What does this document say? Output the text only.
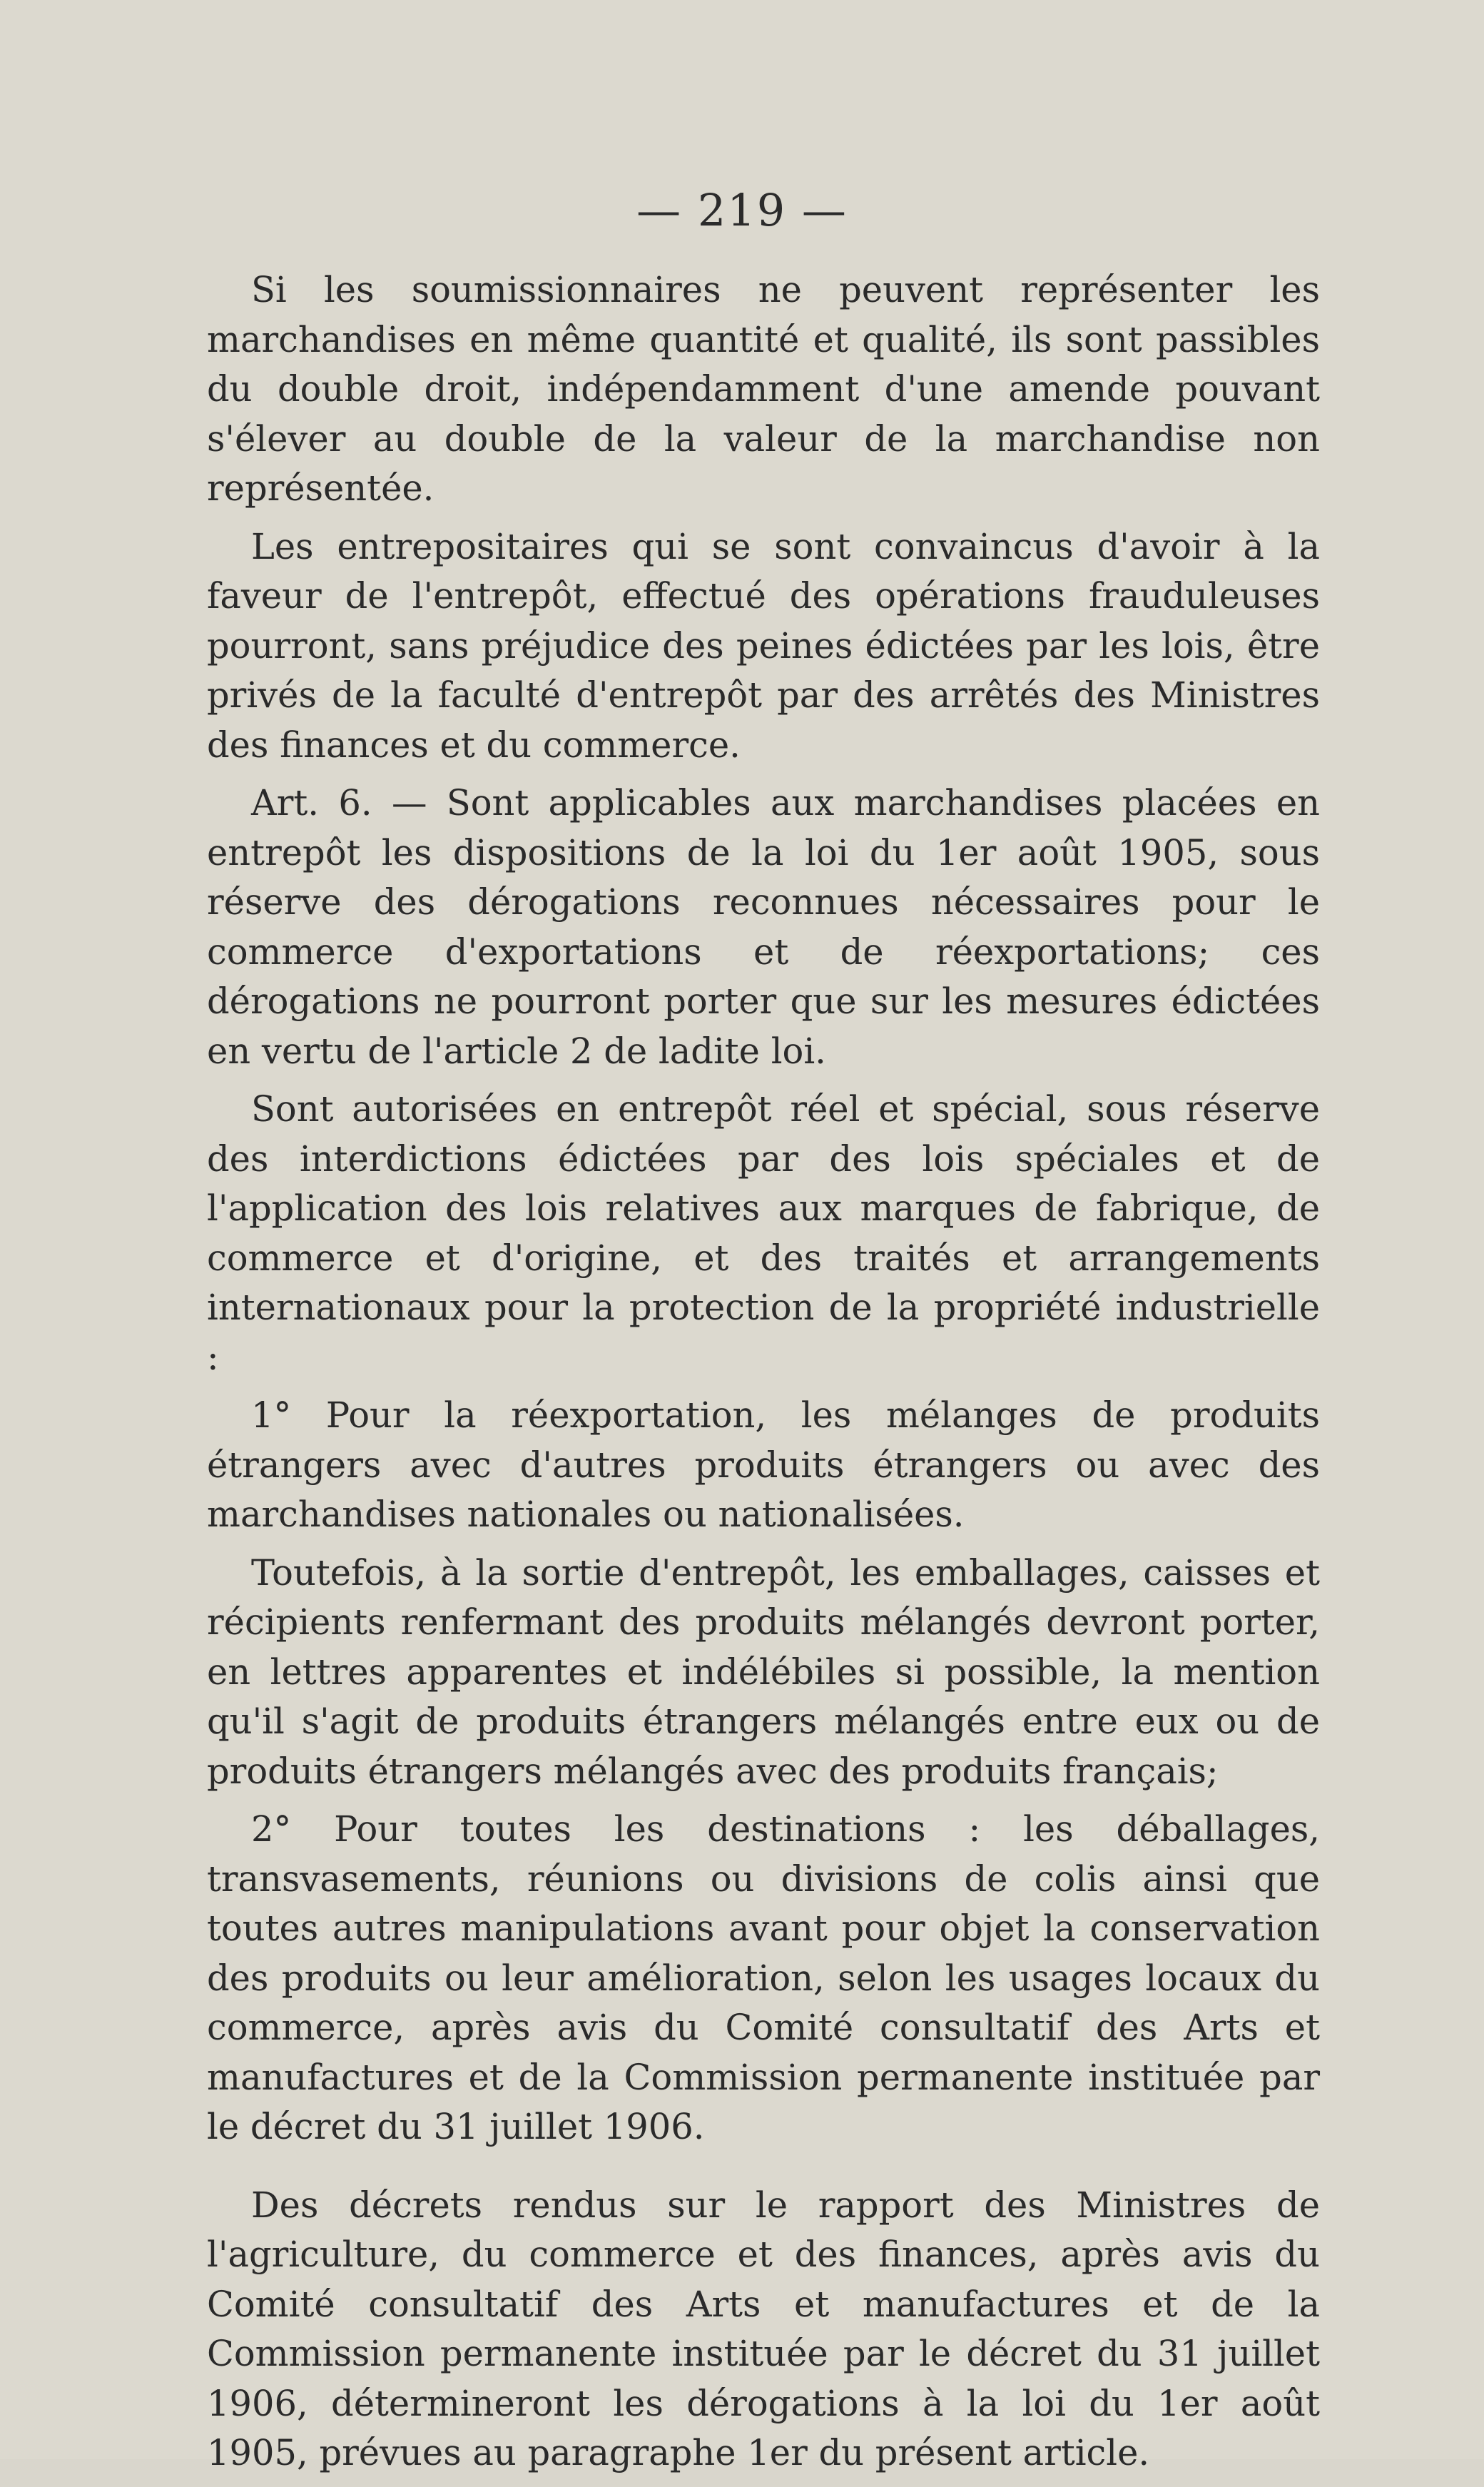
— 219 —

Si les soumissionnaires ne peuvent représenter les marchandises en même quantité et qualité, ils sont passibles du double droit, indépendamment d'une amende pouvant s'élever au double de la valeur de la marchandise non représentée.

Les entrepositaires qui se sont convaincus d'avoir à la faveur de l'entrepôt, effectué des opérations frauduleuses pourront, sans préjudice des peines édictées par les lois, être privés de la faculté d'entrepôt par des arrêtés des Ministres des finances et du commerce.

Art. 6. — Sont applicables aux marchandises placées en entrepôt les dispositions de la loi du 1er août 1905, sous réserve des dérogations reconnues nécessaires pour le commerce d'exportations et de réexportations; ces dérogations ne pourront porter que sur les mesures édictées en vertu de l'article 2 de ladite loi.

Sont autorisées en entrepôt réel et spécial, sous réserve des interdictions édictées par des lois spéciales et de l'application des lois relatives aux marques de fabrique, de commerce et d'origine, et des traités et arrangements internationaux pour la protection de la propriété industrielle :

1° Pour la réexportation, les mélanges de produits étrangers avec d'autres produits étrangers ou avec des marchandises nationales ou nationalisées.

Toutefois, à la sortie d'entrepôt, les emballages, caisses et récipients renfermant des produits mélangés devront porter, en lettres apparentes et indélébiles si possible, la mention qu'il s'agit de produits étrangers mélangés entre eux ou de produits étrangers mélangés avec des produits français;

2° Pour toutes les destinations : les déballages, transvasements, réunions ou divisions de colis ainsi que toutes autres manipulations avant pour objet la conservation des produits ou leur amélioration, selon les usages locaux du commerce, après avis du Comité consultatif des Arts et manufactures et de la Commission permanente instituée par le décret du 31 juillet 1906.

Des décrets rendus sur le rapport des Ministres de l'agriculture, du commerce et des finances, après avis du Comité consultatif des Arts et manufactures et de la Commission permanente instituée par le décret du 31 juillet 1906, détermineront les dérogations à la loi du 1er août 1905, prévues au paragraphe 1er du présent article.
